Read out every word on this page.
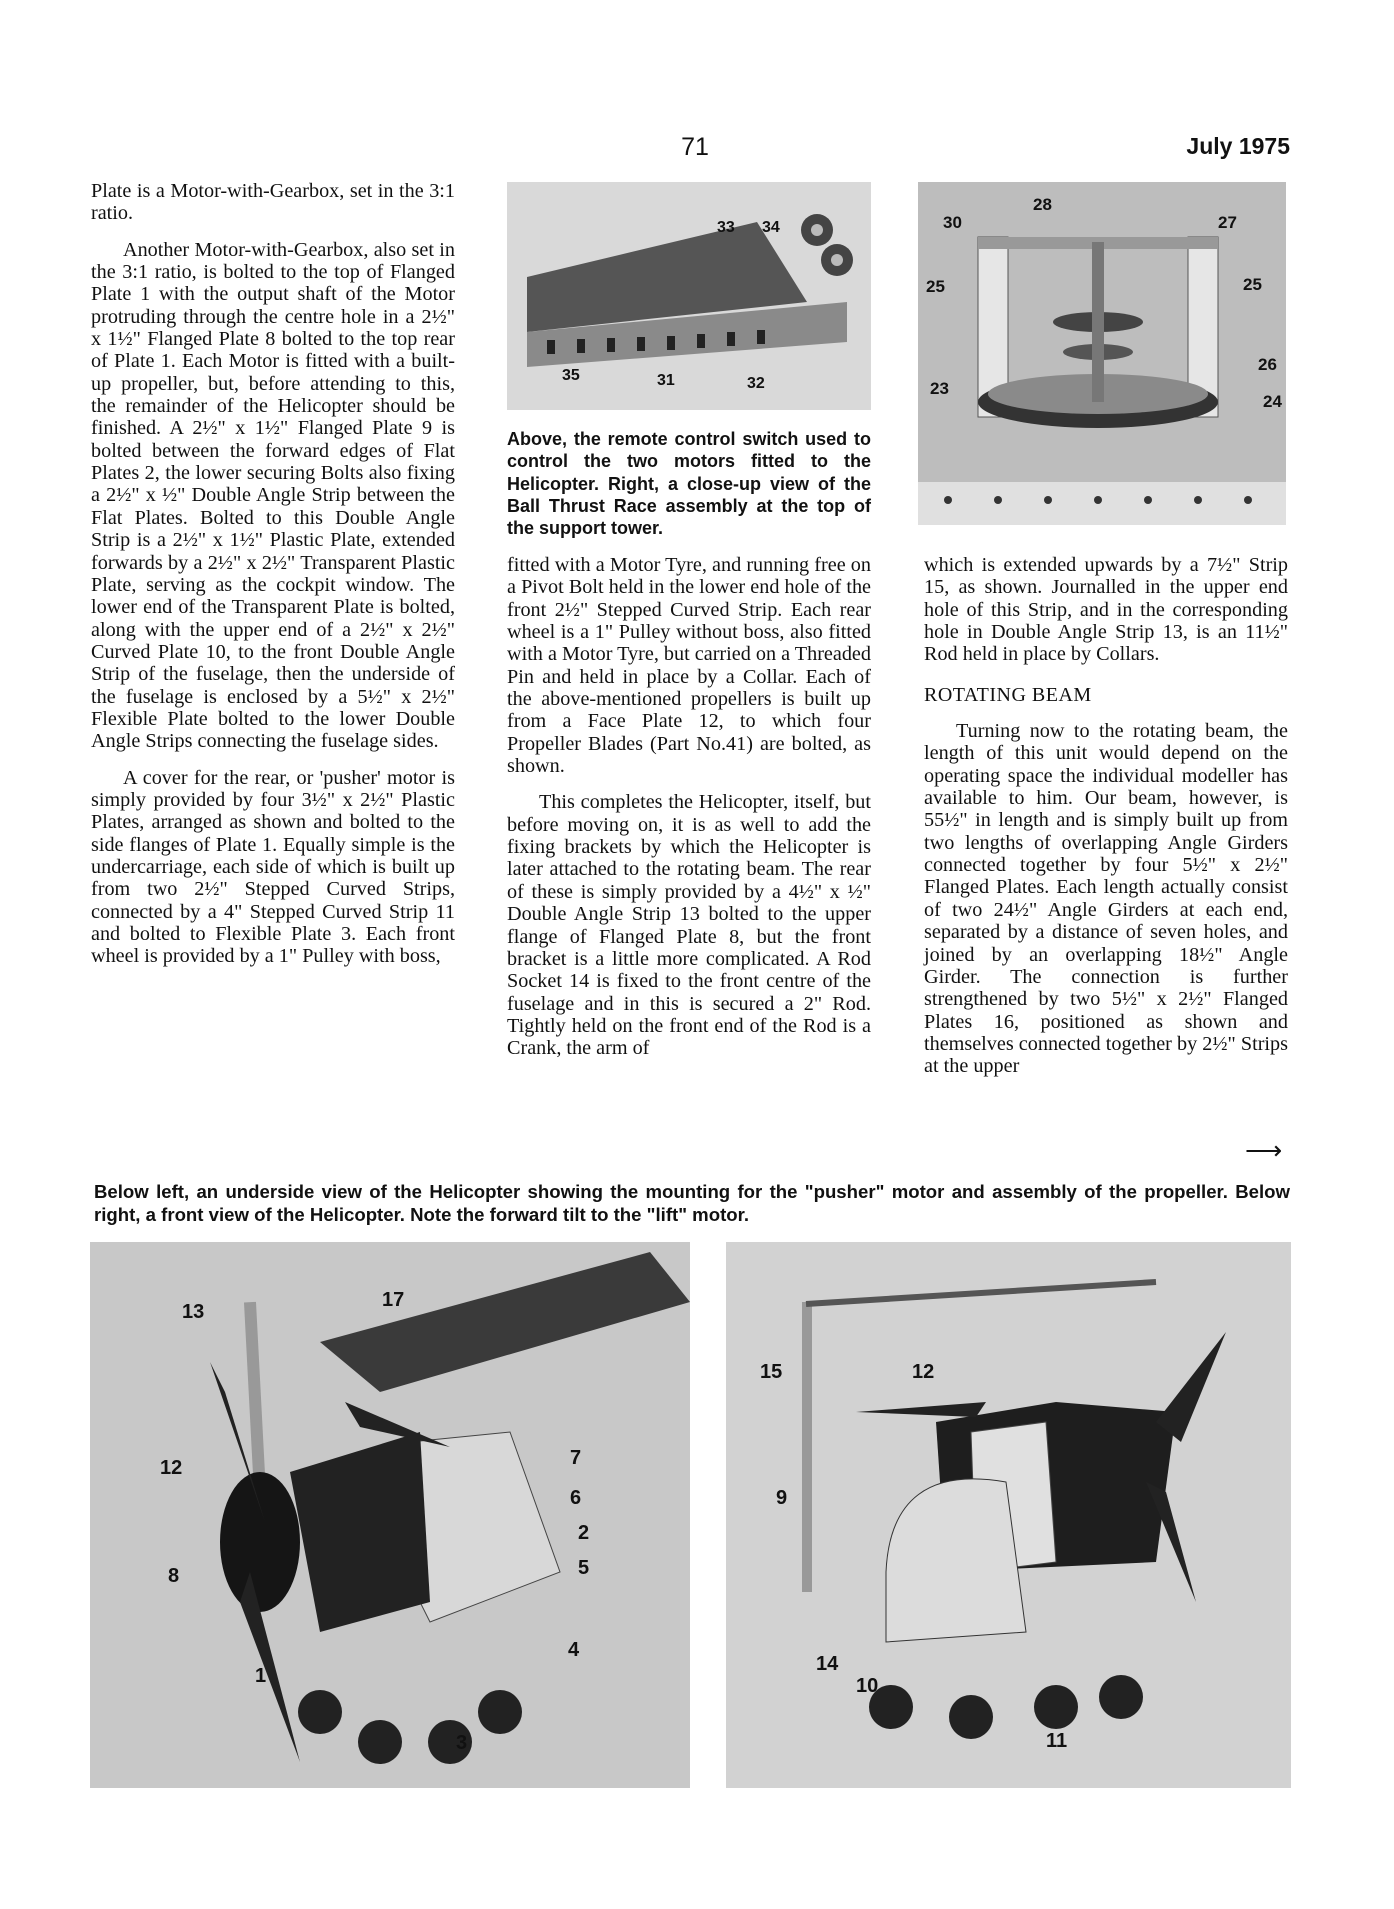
71	July 1975

Plate is a Motor-with-Gearbox, set in the 3:1 ratio.

Another Motor-with-Gearbox, also set in the 3:1 ratio, is bolted to the top of Flanged Plate 1 with the output shaft of the Motor protruding through the centre hole in a 2½" x 1½" Flanged Plate 8 bolted to the top rear of Plate 1. Each Motor is fitted with a built-up propeller, but, before attending to this, the remainder of the Helicopter should be finished. A 2½" x 1½" Flanged Plate 9 is bolted between the forward edges of Flat Plates 2, the lower securing Bolts also fixing a 2½" x ½" Double Angle Strip between the Flat Plates. Bolted to this Double Angle Strip is a 2½" x 1½" Plastic Plate, extended forwards by a 2½" x 2½" Transparent Plastic Plate, serving as the cockpit window. The lower end of the Transparent Plate is bolted, along with the upper end of a 2½" x 2½" Curved Plate 10, to the front Double Angle Strip of the fuselage, then the underside of the fuselage is enclosed by a 5½" x 2½" Flexible Plate bolted to the lower Double Angle Strips connecting the fuselage sides.

A cover for the rear, or 'pusher' motor is simply provided by four 3½" x 2½" Plastic Plates, arranged as shown and bolted to the side flanges of Plate 1. Equally simple is the undercarriage, each side of which is built up from two 2½" Stepped Curved Strips, connected by a 4" Stepped Curved Strip 11 and bolted to Flexible Plate 3. Each front wheel is provided by a 1" Pulley with boss,

33 34
35	31	32
Above, the remote control switch used to control the two motors fitted to the Helicopter. Right, a close-up view of the Ball Thrust Race assembly at the top of the support tower.
28
30	27
25	25
26
23
24

fitted with a Motor Tyre, and running free on a Pivot Bolt held in the lower end hole of the front 2½" Stepped Curved Strip. Each rear wheel is a 1" Pulley without boss, also fitted with a Motor Tyre, but carried on a Threaded Pin and held in place by a Collar. Each of the above-mentioned propellers is built up from a Face Plate 12, to which four Propeller Blades (Part No.41) are bolted, as shown.

This completes the Helicopter, itself, but before moving on, it is as well to add the fixing brackets by which the Helicopter is later attached to the rotating beam. The rear of these is simply provided by a 4½" x ½" Double Angle Strip 13 bolted to the upper flange of Flanged Plate 8, but the front bracket is a little more complicated. A Rod Socket 14 is fixed to the front centre of the fuselage and in this is secured a 2" Rod. Tightly held on the front end of the Rod is a Crank, the arm of

which is extended upwards by a 7½" Strip 15, as shown. Journalled in the upper end hole of this Strip, and in the corresponding hole in Double Angle Strip 13, is an 11½" Rod held in place by Collars.

ROTATING BEAM

Turning now to the rotating beam, the length of this unit would depend on the operating space the individual modeller has available to him. Our beam, however, is 55½" in length and is simply built up from two lengths of overlapping Angle Girders connected together by four 5½" x 2½" Flanged Plates. Each length actually consist of two 24½" Angle Girders at each end, separated by a distance of seven holes, and joined by an overlapping 18½" Angle Girder. The connection is further strengthened by two 5½" x 2½" Flanged Plates 16, positioned as shown and themselves connected together by 2½" Strips at the upper

⟶
Below left, an underside view of the Helicopter showing the mounting for the "pusher" motor and assembly of the propeller. Below right, a front view of the Helicopter. Note the forward tilt to the "lift" motor.
13
17
12	7
6
2
5
8
1
4
3
15	12
9
14
10
11
